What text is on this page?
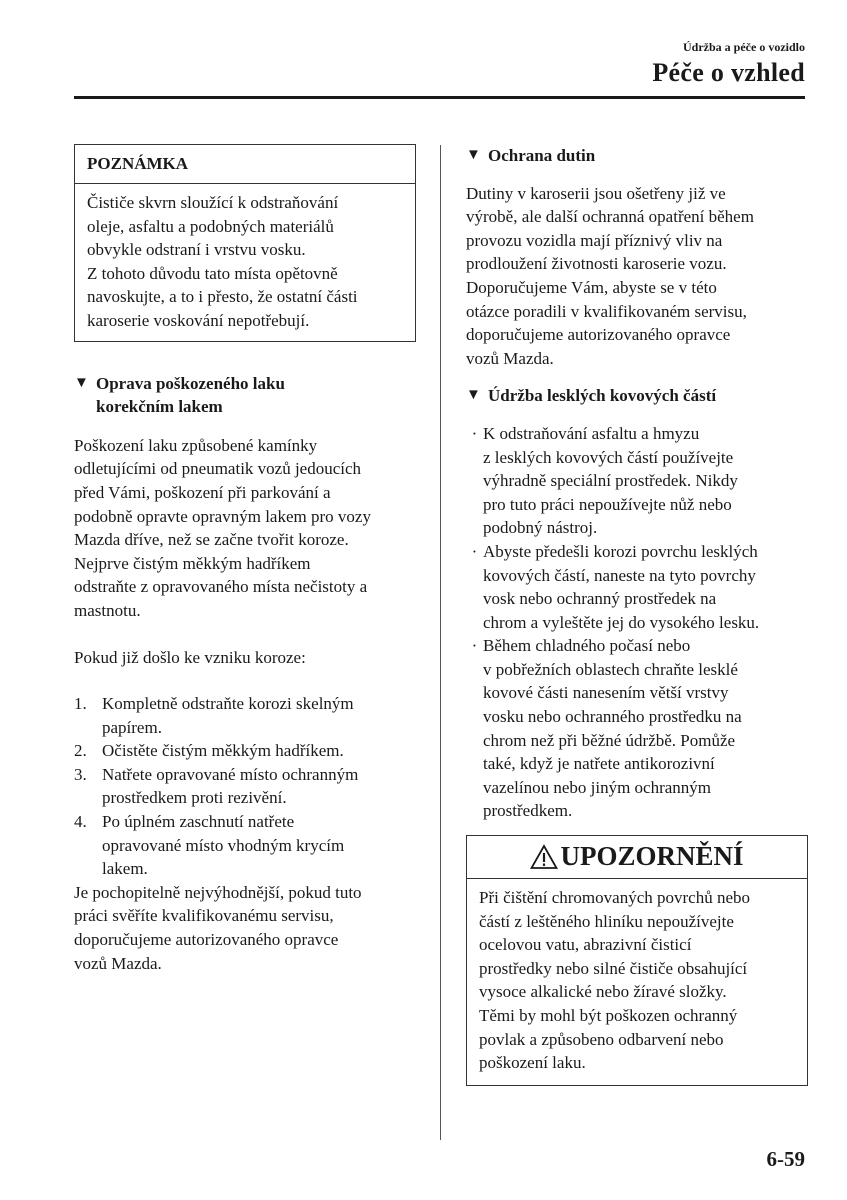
Údržba a péče o vozidlo
Péče o vzhled
POZNÁMKA

Čističe skvrn sloužící k odstraňování

oleje, asfaltu a podobných materiálů

obvykle odstraní i vrstvu vosku.

Z tohoto důvodu tato místa opětovně

navoskujte, a to i přesto, že ostatní části

karoserie voskování nepotřebují.

▼ Oprava poškozeného laku
korekčním lakem

Poškození laku způsobené kamínky

odletujícími od pneumatik vozů jedoucích

před Vámi, poškození při parkování a

podobně opravte opravným lakem pro vozy

Mazda dříve, než se začne tvořit koroze.

Nejprve čistým měkkým hadříkem

odstraňte z opravovaného místa nečistoty a

mastnotu.

Pokud již došlo ke vzniku koroze:

1. Kompletně odstraňte korozi skelným
papírem.
2. Očistěte čistým měkkým hadříkem.
3. Natřete opravované místo ochranným
prostředkem proti rezivění.
4. Po úplném zaschnutí natřete
opravované místo vhodným krycím
lakem.

Je pochopitelně nejvýhodnější, pokud tuto

práci svěříte kvalifikovanému servisu,

doporučujeme autorizovaného opravce

vozů Mazda.

▼ Ochrana dutin

Dutiny v karoserii jsou ošetřeny již ve

výrobě, ale další ochranná opatření během

provozu vozidla mají příznivý vliv na

prodloužení životnosti karoserie vozu.

Doporučujeme Vám, abyste se v této

otázce poradili v kvalifikovaném servisu,

doporučujeme autorizovaného opravce

vozů Mazda.

▼ Údržba lesklých kovových částí
· K odstraňování asfaltu a hmyzu
z lesklých kovových částí používejte
výhradně speciální prostředek. Nikdy
pro tuto práci nepoužívejte nůž nebo
podobný nástroj.
· Abyste předešli korozi povrchu lesklých
kovových částí, naneste na tyto povrchy
vosk nebo ochranný prostředek na
chrom a vyleštěte jej do vysokého lesku.
· Během chladného počasí nebo
v pobřežních oblastech chraňte lesklé
kovové části nanesením větší vrstvy
vosku nebo ochranného prostředku na
chrom než při běžné údržbě. Pomůže
také, když je natřete antikorozivní
vazelínou nebo jiným ochranným
prostředkem.
UPOZORNĚNÍ

Při čištění chromovaných povrchů nebo

částí z leštěného hliníku nepoužívejte

ocelovou vatu, abrazivní čisticí

prostředky nebo silné čističe obsahující

vysoce alkalické nebo žíravé složky.

Těmi by mohl být poškozen ochranný

povlak a způsobeno odbarvení nebo

poškození laku.

6-59
